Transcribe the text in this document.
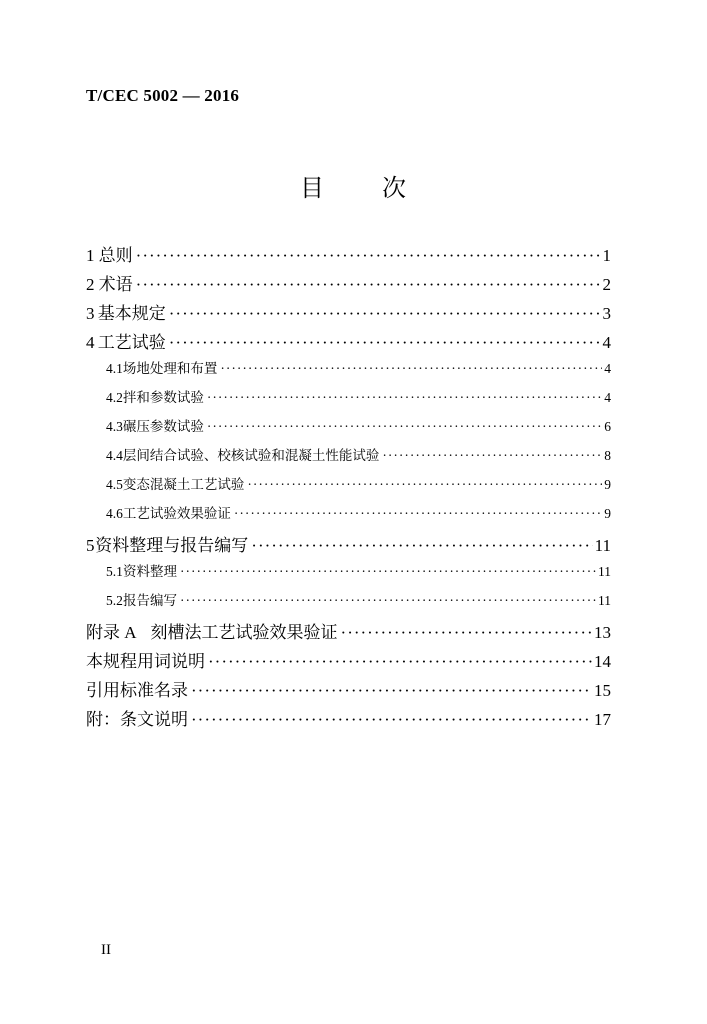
T/CEC 5002 — 2016
目 次
1 总则 ·····	1
2 术语 ·····	2
3 基本规定 ·····	3
4 工艺试验 ·····	4
4.1 场地处理和布置 ·····	4
4.2 拌和参数试验 ·····	4
4.3 碾压参数试验 ·····	6
4.4 层间结合试验、校核试验和混凝土性能试验 ·····	8
4.5 变态混凝土工艺试验 ·····	9
4.6 工艺试验效果验证 ·····	9
5 资料整理与报告编写 ·····	11
5.1 资料整理 ·····	11
5.2 报告编写 ·····	11
附录 A 刻槽法工艺试验效果验证 ·····	13
本规程用词说明 ·····	14
引用标准名录 ·····	15
附：条文说明 ·····	17
II
